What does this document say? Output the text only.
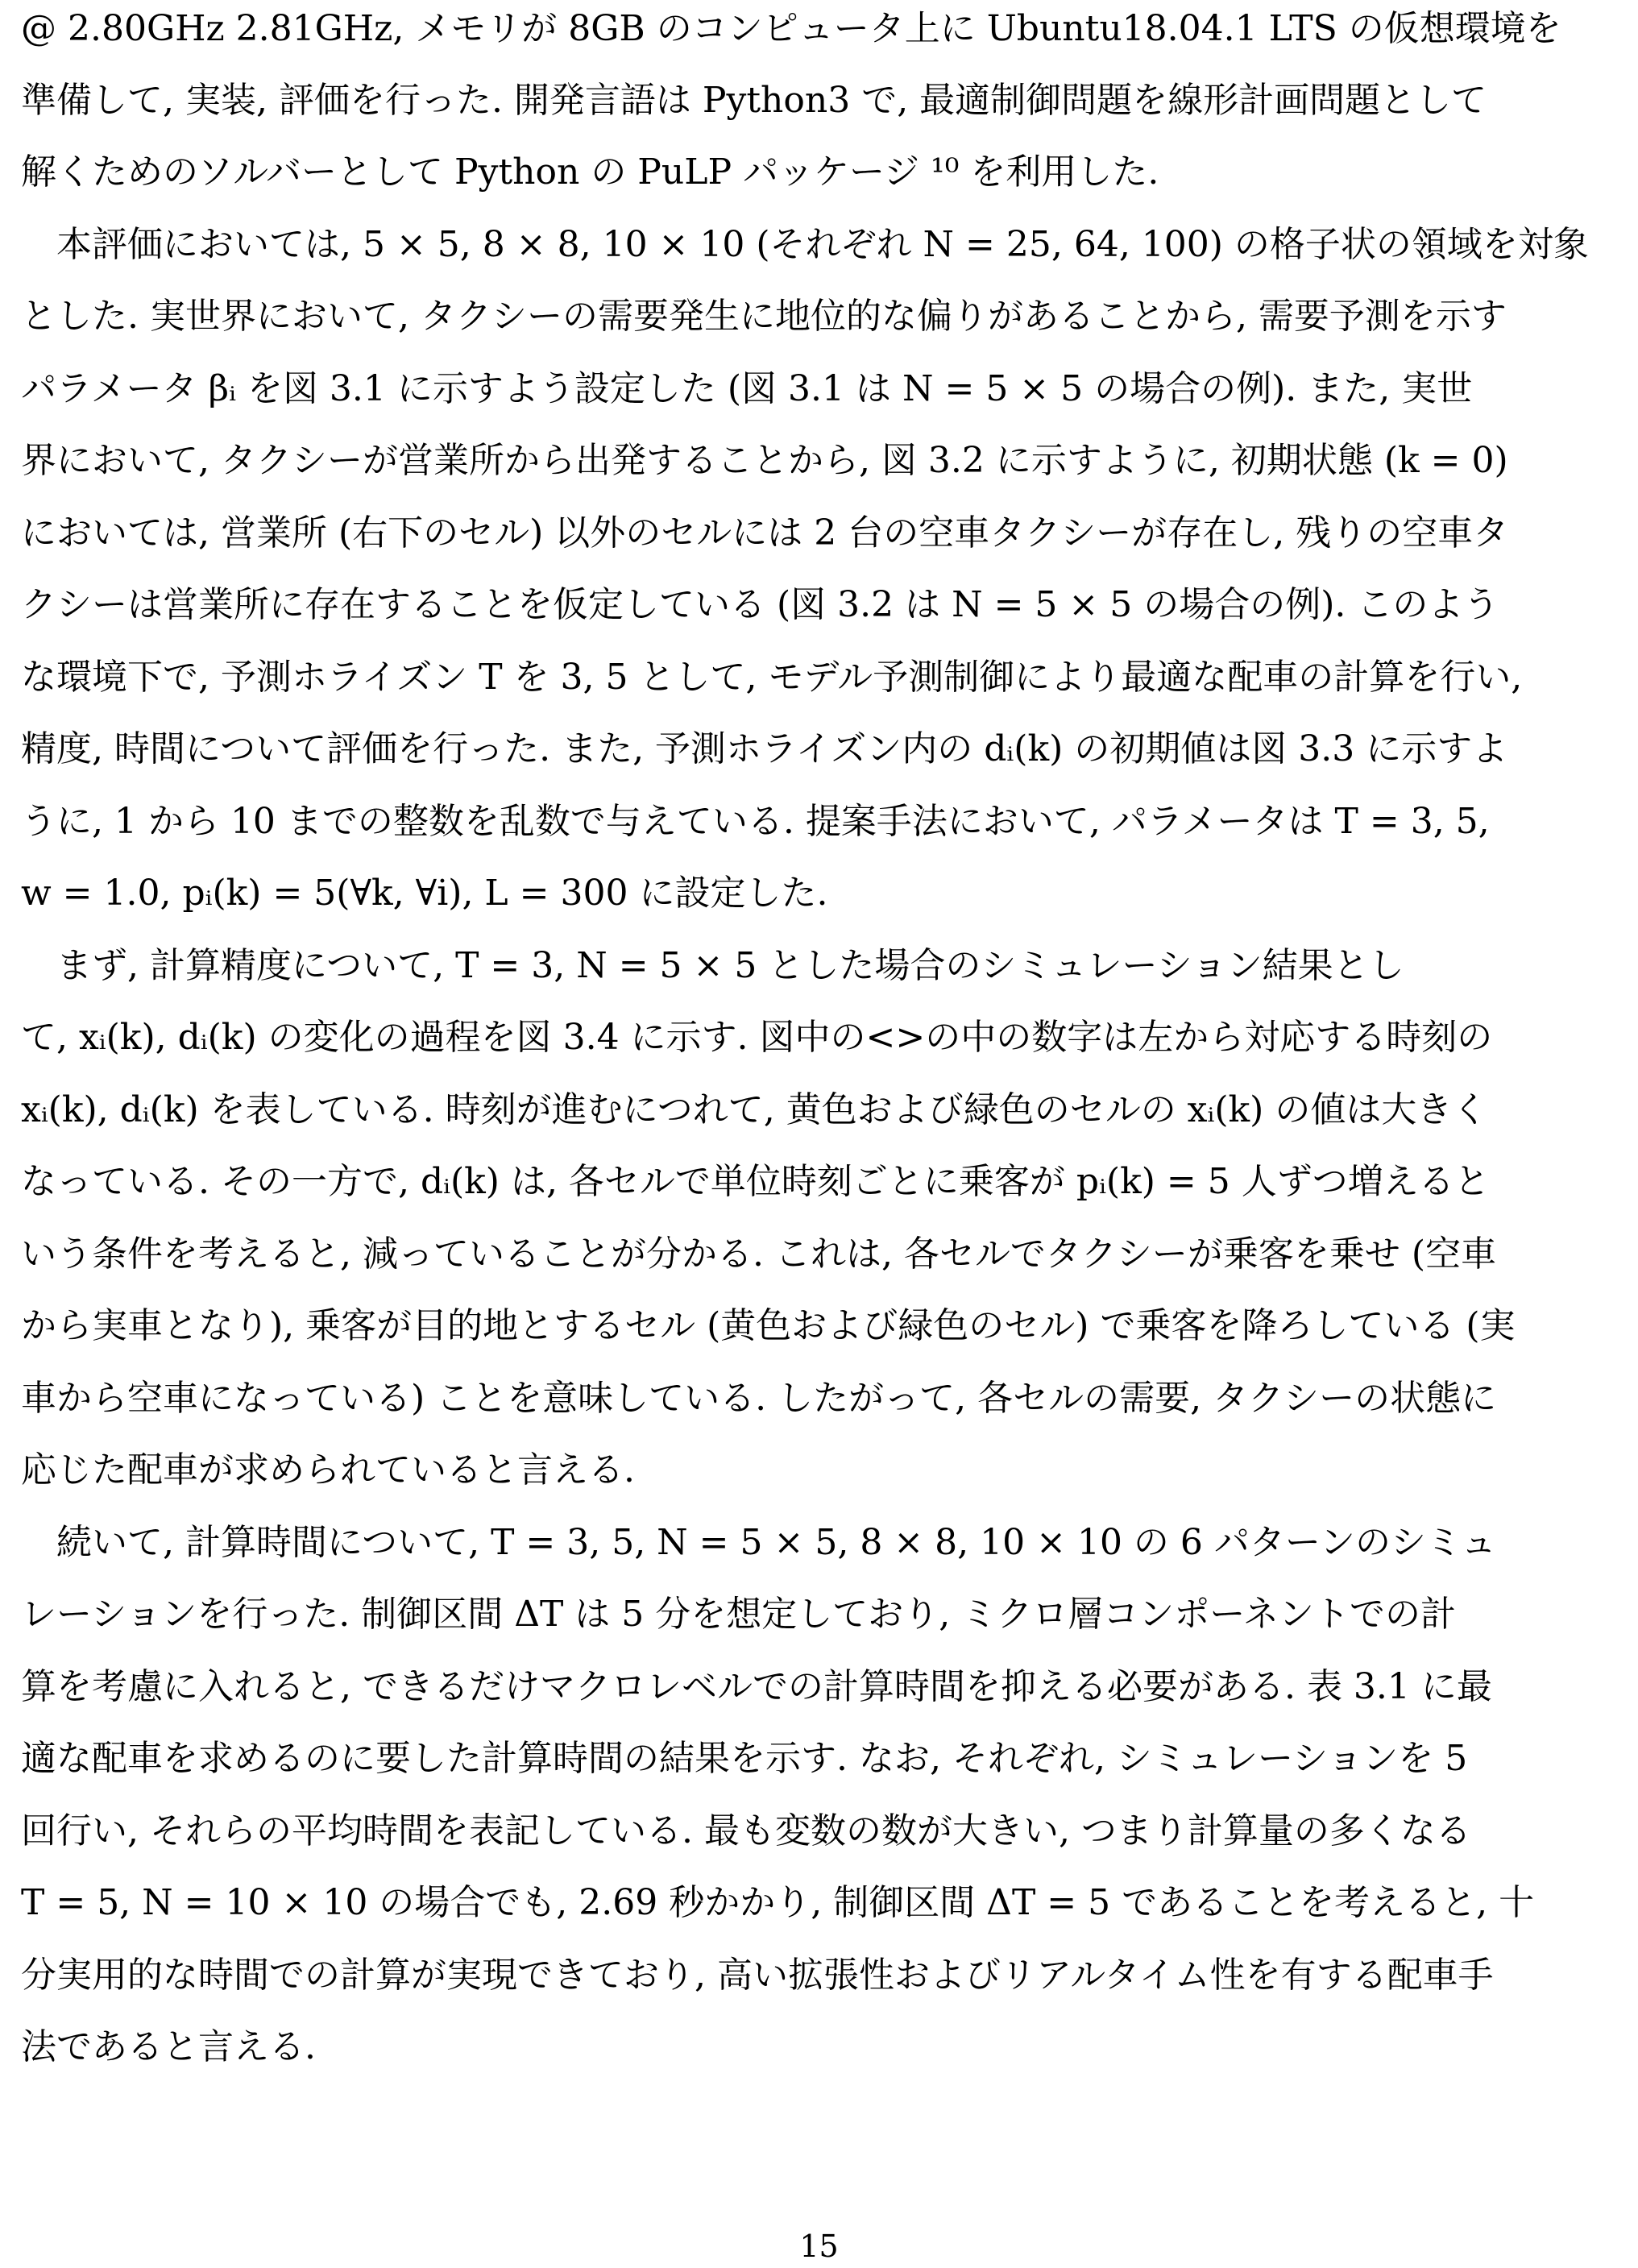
@ 2.80GHz 2.81GHz, メモリが 8GB のコンピュータ上に Ubuntu18.04.1 LTS の仮想環境を
準備して, 実装, 評価を行った. 開発言語は Python3 で, 最適制御問題を線形計画問題として
解くためのソルバーとして Python の PuLP パッケージ ¹⁰ を利用した.
　本評価においては, 5 × 5, 8 × 8, 10 × 10 (それぞれ N = 25, 64, 100) の格子状の領域を対象
とした. 実世界において, タクシーの需要発生に地位的な偏りがあることから, 需要予測を示す
パラメータ βᵢ を図 3.1 に示すよう設定した (図 3.1 は N = 5 × 5 の場合の例). また, 実世
界において, タクシーが営業所から出発することから, 図 3.2 に示すように, 初期状態 (k = 0)
においては, 営業所 (右下のセル) 以外のセルには 2 台の空車タクシーが存在し, 残りの空車タ
クシーは営業所に存在することを仮定している (図 3.2 は N = 5 × 5 の場合の例). このよう
な環境下で, 予測ホライズン T を 3, 5 として, モデル予測制御により最適な配車の計算を行い,
精度, 時間について評価を行った. また, 予測ホライズン内の dᵢ(k) の初期値は図 3.3 に示すよ
うに, 1 から 10 までの整数を乱数で与えている. 提案手法において, パラメータは T = 3, 5,
w = 1.0, pᵢ(k) = 5(∀k, ∀i), L = 300 に設定した.
　まず, 計算精度について, T = 3, N = 5 × 5 とした場合のシミュレーション結果とし
て, xᵢ(k), dᵢ(k) の変化の過程を図 3.4 に示す. 図中の<>の中の数字は左から対応する時刻の
xᵢ(k), dᵢ(k) を表している. 時刻が進むにつれて, 黄色および緑色のセルの xᵢ(k) の値は大きく
なっている. その一方で, dᵢ(k) は, 各セルで単位時刻ごとに乗客が pᵢ(k) = 5 人ずつ増えると
いう条件を考えると, 減っていることが分かる. これは, 各セルでタクシーが乗客を乗せ (空車
から実車となり), 乗客が目的地とするセル (黄色および緑色のセル) で乗客を降ろしている (実
車から空車になっている) ことを意味している. したがって, 各セルの需要, タクシーの状態に
応じた配車が求められていると言える.
　続いて, 計算時間について, T = 3, 5, N = 5 × 5, 8 × 8, 10 × 10 の 6 パターンのシミュ
レーションを行った. 制御区間 ΔT は 5 分を想定しており, ミクロ層コンポーネントでの計
算を考慮に入れると, できるだけマクロレベルでの計算時間を抑える必要がある. 表 3.1 に最
適な配車を求めるのに要した計算時間の結果を示す. なお, それぞれ, シミュレーションを 5
回行い, それらの平均時間を表記している. 最も変数の数が大きい, つまり計算量の多くなる
T = 5, N = 10 × 10 の場合でも, 2.69 秒かかり, 制御区間 ΔT = 5 であることを考えると, 十
分実用的な時間での計算が実現できており, 高い拡張性およびリアルタイム性を有する配車手
法であると言える.
15
